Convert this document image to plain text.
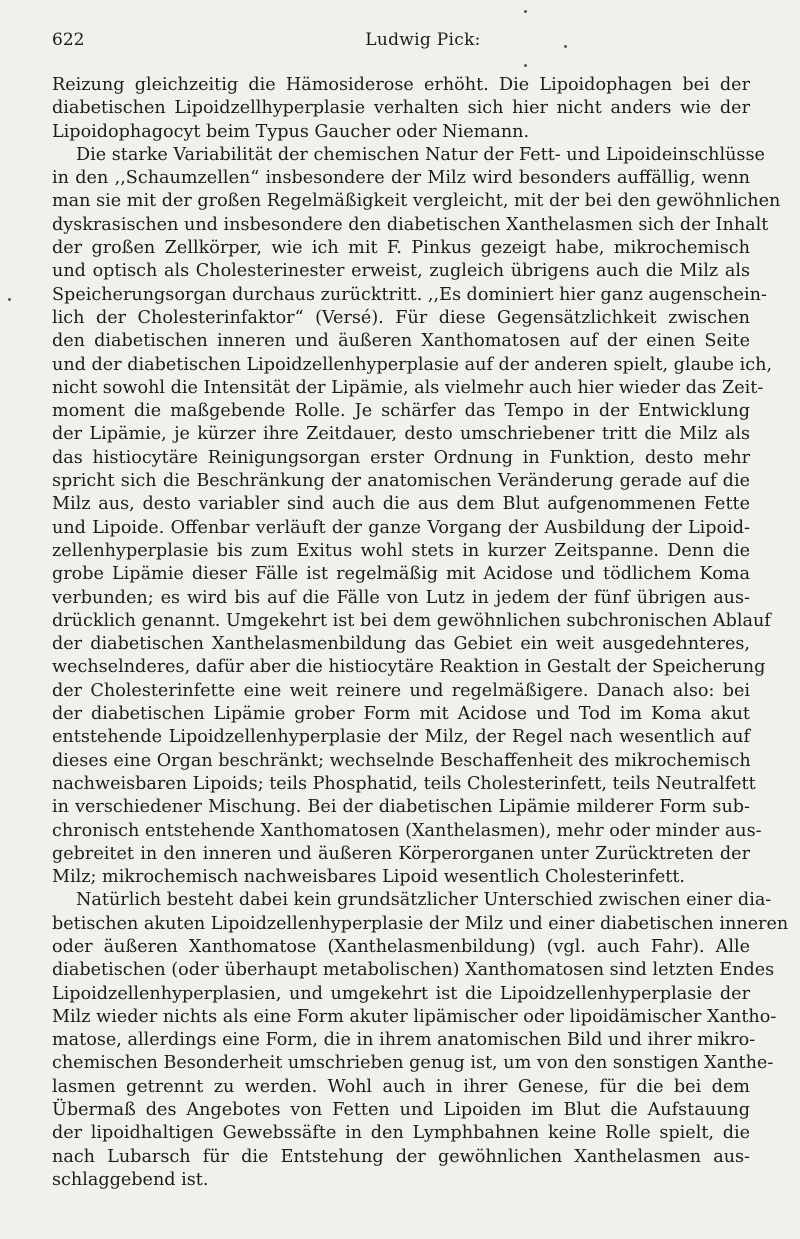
622	Ludwig Pick:
Reizung gleichzeitig die Hämosiderose erhöht. Die Lipoidophagen bei der
diabetischen Lipoidzellhyperplasie verhalten sich hier nicht anders wie der
Lipoidophagocyt beim Typus Gaucher oder Niemann.
Die starke Variabilität der chemischen Natur der Fett- und Lipoideinschlüsse
in den ,,Schaumzellen“ insbesondere der Milz wird besonders auffällig, wenn
man sie mit der großen Regelmäßigkeit vergleicht, mit der bei den gewöhnlichen
dyskrasischen und insbesondere den diabetischen Xanthelasmen sich der Inhalt
der großen Zellkörper, wie ich mit F. Pinkus gezeigt habe, mikrochemisch
und optisch als Cholesterinester erweist, zugleich übrigens auch die Milz als
Speicherungsorgan durchaus zurücktritt. ,,Es dominiert hier ganz augenschein-
lich der Cholesterinfaktor“ (Versé). Für diese Gegensätzlichkeit zwischen
den diabetischen inneren und äußeren Xanthomatosen auf der einen Seite
und der diabetischen Lipoidzellenhyperplasie auf der anderen spielt, glaube ich,
nicht sowohl die Intensität der Lipämie, als vielmehr auch hier wieder das Zeit-
moment die maßgebende Rolle. Je schärfer das Tempo in der Entwicklung
der Lipämie, je kürzer ihre Zeitdauer, desto umschriebener tritt die Milz als
das histiocytäre Reinigungsorgan erster Ordnung in Funktion, desto mehr
spricht sich die Beschränkung der anatomischen Veränderung gerade auf die
Milz aus, desto variabler sind auch die aus dem Blut aufgenommenen Fette
und Lipoide. Offenbar verläuft der ganze Vorgang der Ausbildung der Lipoid-
zellenhyperplasie bis zum Exitus wohl stets in kurzer Zeitspanne. Denn die
grobe Lipämie dieser Fälle ist regelmäßig mit Acidose und tödlichem Koma
verbunden; es wird bis auf die Fälle von Lutz in jedem der fünf übrigen aus-
drücklich genannt. Umgekehrt ist bei dem gewöhnlichen subchronischen Ablauf
der diabetischen Xanthelasmenbildung das Gebiet ein weit ausgedehnteres,
wechselnderes, dafür aber die histiocytäre Reaktion in Gestalt der Speicherung
der Cholesterinfette eine weit reinere und regelmäßigere. Danach also: bei
der diabetischen Lipämie grober Form mit Acidose und Tod im Koma akut
entstehende Lipoidzellenhyperplasie der Milz, der Regel nach wesentlich auf
dieses eine Organ beschränkt; wechselnde Beschaffenheit des mikrochemisch
nachweisbaren Lipoids; teils Phosphatid, teils Cholesterinfett, teils Neutralfett
in verschiedener Mischung. Bei der diabetischen Lipämie milderer Form sub-
chronisch entstehende Xanthomatosen (Xanthelasmen), mehr oder minder aus-
gebreitet in den inneren und äußeren Körperorganen unter Zurücktreten der
Milz; mikrochemisch nachweisbares Lipoid wesentlich Cholesterinfett.
Natürlich besteht dabei kein grundsätzlicher Unterschied zwischen einer dia-
betischen akuten Lipoidzellenhyperplasie der Milz und einer diabetischen inneren
oder äußeren Xanthomatose (Xanthelasmenbildung) (vgl. auch Fahr). Alle
diabetischen (oder überhaupt metabolischen) Xanthomatosen sind letzten Endes
Lipoidzellenhyperplasien, und umgekehrt ist die Lipoidzellenhyperplasie der
Milz wieder nichts als eine Form akuter lipämischer oder lipoidämischer Xantho-
matose, allerdings eine Form, die in ihrem anatomischen Bild und ihrer mikro-
chemischen Besonderheit umschrieben genug ist, um von den sonstigen Xanthe-
lasmen getrennt zu werden. Wohl auch in ihrer Genese, für die bei dem
Übermaß des Angebotes von Fetten und Lipoiden im Blut die Aufstauung
der lipoidhaltigen Gewebssäfte in den Lymphbahnen keine Rolle spielt, die
nach Lubarsch für die Entstehung der gewöhnlichen Xanthelasmen aus-
schlaggebend ist.
